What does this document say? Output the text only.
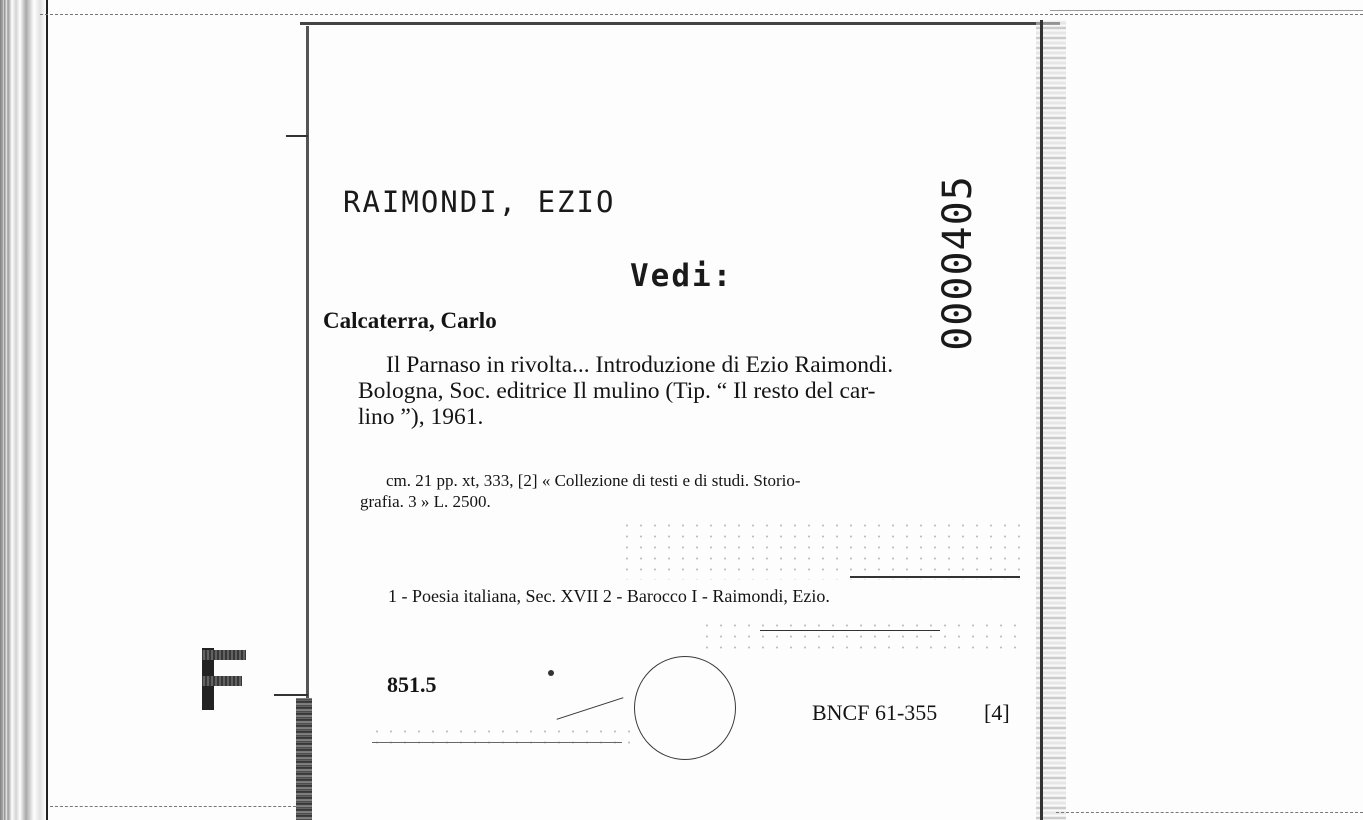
RAIMONDI, EZIO
Vedi:	0000405
Calcaterra, Carlo
Il Parnaso in rivolta... Introduzione di Ezio Raimondi.
Bologna, Soc. editrice Il mulino (Tip. “ Il resto del car-
lino ”), 1961.
cm. 21 pp. xt, 333, [2] « Collezione di testi e di studi. Storio-
grafia. 3 » L. 2500.
1 - Poesia italiana, Sec. XVII 2 - Barocco I - Raimondi, Ezio.
851.5
BNCF 61-355 [4]
